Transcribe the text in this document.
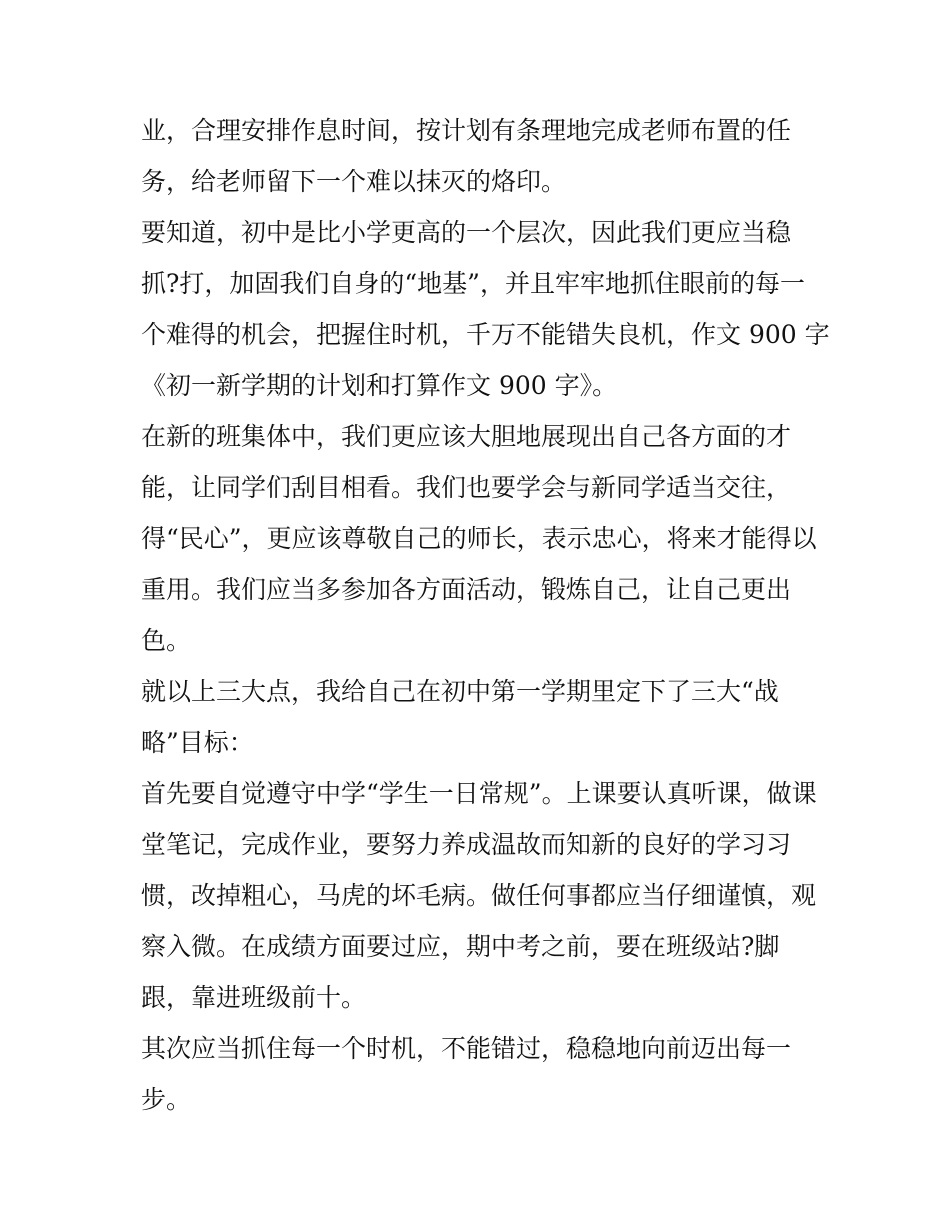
业，合理安排作息时间，按计划有条理地完成老师布置的任
务，给老师留下一个难以抹灭的烙印。
要知道，初中是比小学更高的一个层次，因此我们更应当稳
抓?打，加固我们自身的“地基”，并且牢牢地抓住眼前的每一
个难得的机会，把握住时机，千万不能错失良机，作文 900 字
《初一新学期的计划和打算作文 900 字》。
在新的班集体中，我们更应该大胆地展现出自己各方面的才
能，让同学们刮目相看。我们也要学会与新同学适当交往，
得“民心”，更应该尊敬自己的师长，表示忠心，将来才能得以
重用。我们应当多参加各方面活动，锻炼自己，让自己更出
色。
就以上三大点，我给自己在初中第一学期里定下了三大“战
略”目标：
首先要自觉遵守中学“学生一日常规”。上课要认真听课，做课
堂笔记，完成作业，要努力养成温故而知新的良好的学习习
惯，改掉粗心，马虎的坏毛病。做任何事都应当仔细谨慎，观
察入微。在成绩方面要过应，期中考之前，要在班级站?脚
跟，靠进班级前十。
其次应当抓住每一个时机，不能错过，稳稳地向前迈出每一
步。
